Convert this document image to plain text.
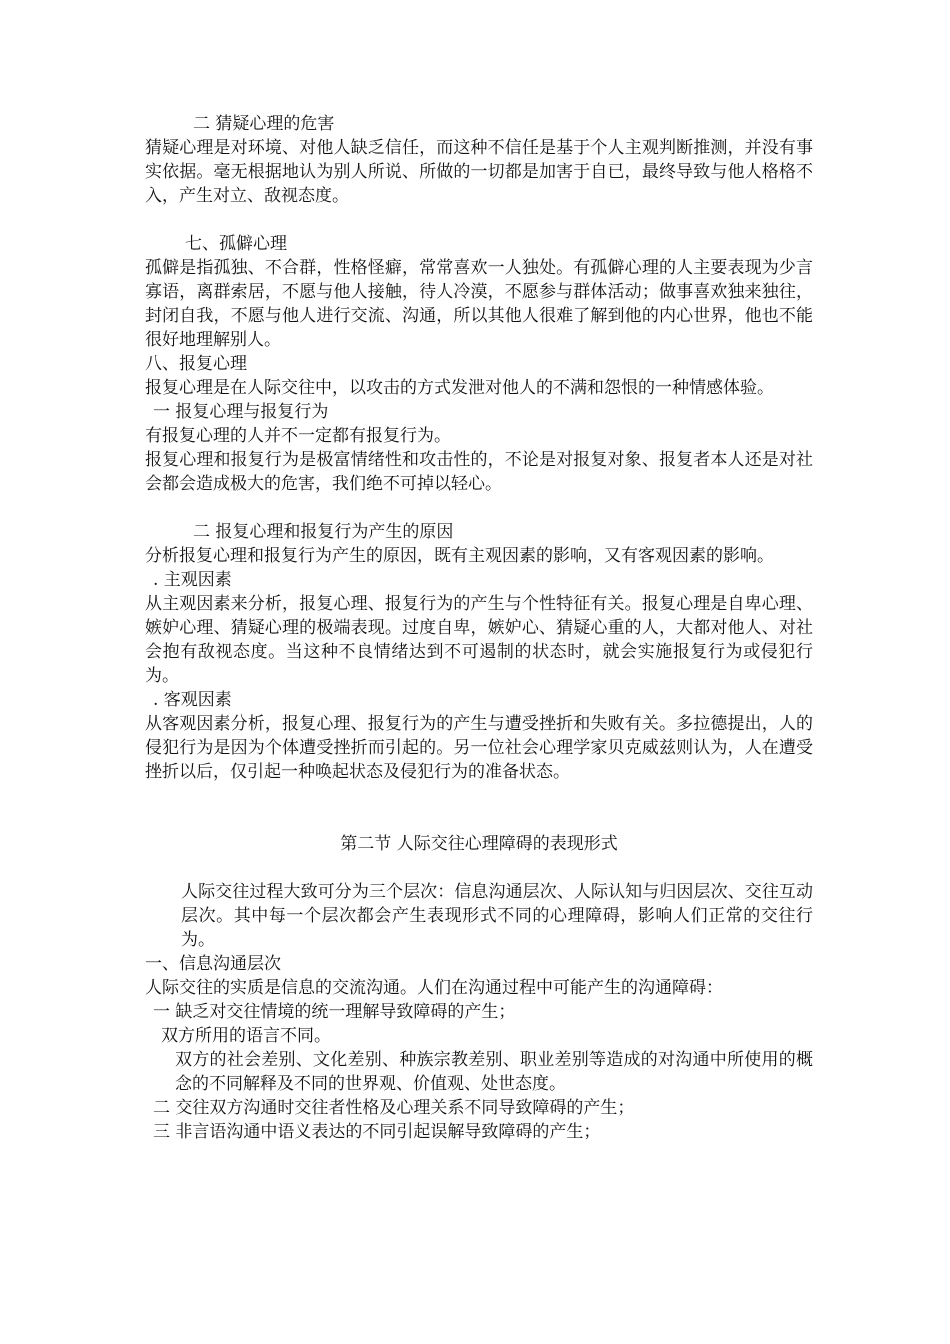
二 猜疑心理的危害

猜疑心理是对环境、对他人缺乏信任，而这种不信任是基于个人主观判断推测，并没有事实依据。毫无根据地认为别人所说、所做的一切都是加害于自已，最终导致与他人格格不入，产生对立、敌视态度。

七、孤僻心理

孤僻是指孤独、不合群，性格怪癖，常常喜欢一人独处。有孤僻心理的人主要表现为少言寡语，离群索居，不愿与他人接触，待人冷漠，不愿参与群体活动；做事喜欢独来独往，封闭自我，不愿与他人进行交流、沟通，所以其他人很难了解到他的内心世界，他也不能很好地理解别人。

八、报复心理

报复心理是在人际交往中，以攻击的方式发泄对他人的不满和怨恨的一种情感体验。

一 报复心理与报复行为

有报复心理的人并不一定都有报复行为。

报复心理和报复行为是极富情绪性和攻击性的，不论是对报复对象、报复者本人还是对社会都会造成极大的危害，我们绝不可掉以轻心。

二 报复心理和报复行为产生的原因

分析报复心理和报复行为产生的原因，既有主观因素的影响，又有客观因素的影响。

. 主观因素

从主观因素来分析，报复心理、报复行为的产生与个性特征有关。报复心理是自卑心理、嫉妒心理、猜疑心理的极端表现。过度自卑，嫉妒心、猜疑心重的人，大都对他人、对社会抱有敌视态度。当这种不良情绪达到不可遏制的状态时，就会实施报复行为或侵犯行为。

. 客观因素

从客观因素分析，报复心理、报复行为的产生与遭受挫折和失败有关。多拉德提出，人的侵犯行为是因为个体遭受挫折而引起的。另一位社会心理学家贝克威兹则认为，人在遭受挫折以后，仅引起一种唤起状态及侵犯行为的准备状态。

第二节 人际交往心理障碍的表现形式

人际交往过程大致可分为三个层次：信息沟通层次、人际认知与归因层次、交往互动层次。其中每一个层次都会产生表现形式不同的心理障碍，影响人们正常的交往行为。

一、信息沟通层次

人际交往的实质是信息的交流沟通。人们在沟通过程中可能产生的沟通障碍：

一 缺乏对交往情境的统一理解导致障碍的产生；

双方所用的语言不同。

双方的社会差别、文化差别、种族宗教差别、职业差别等造成的对沟通中所使用的概念的不同解释及不同的世界观、价值观、处世态度。

二 交往双方沟通时交往者性格及心理关系不同导致障碍的产生；

三 非言语沟通中语义表达的不同引起误解导致障碍的产生；
